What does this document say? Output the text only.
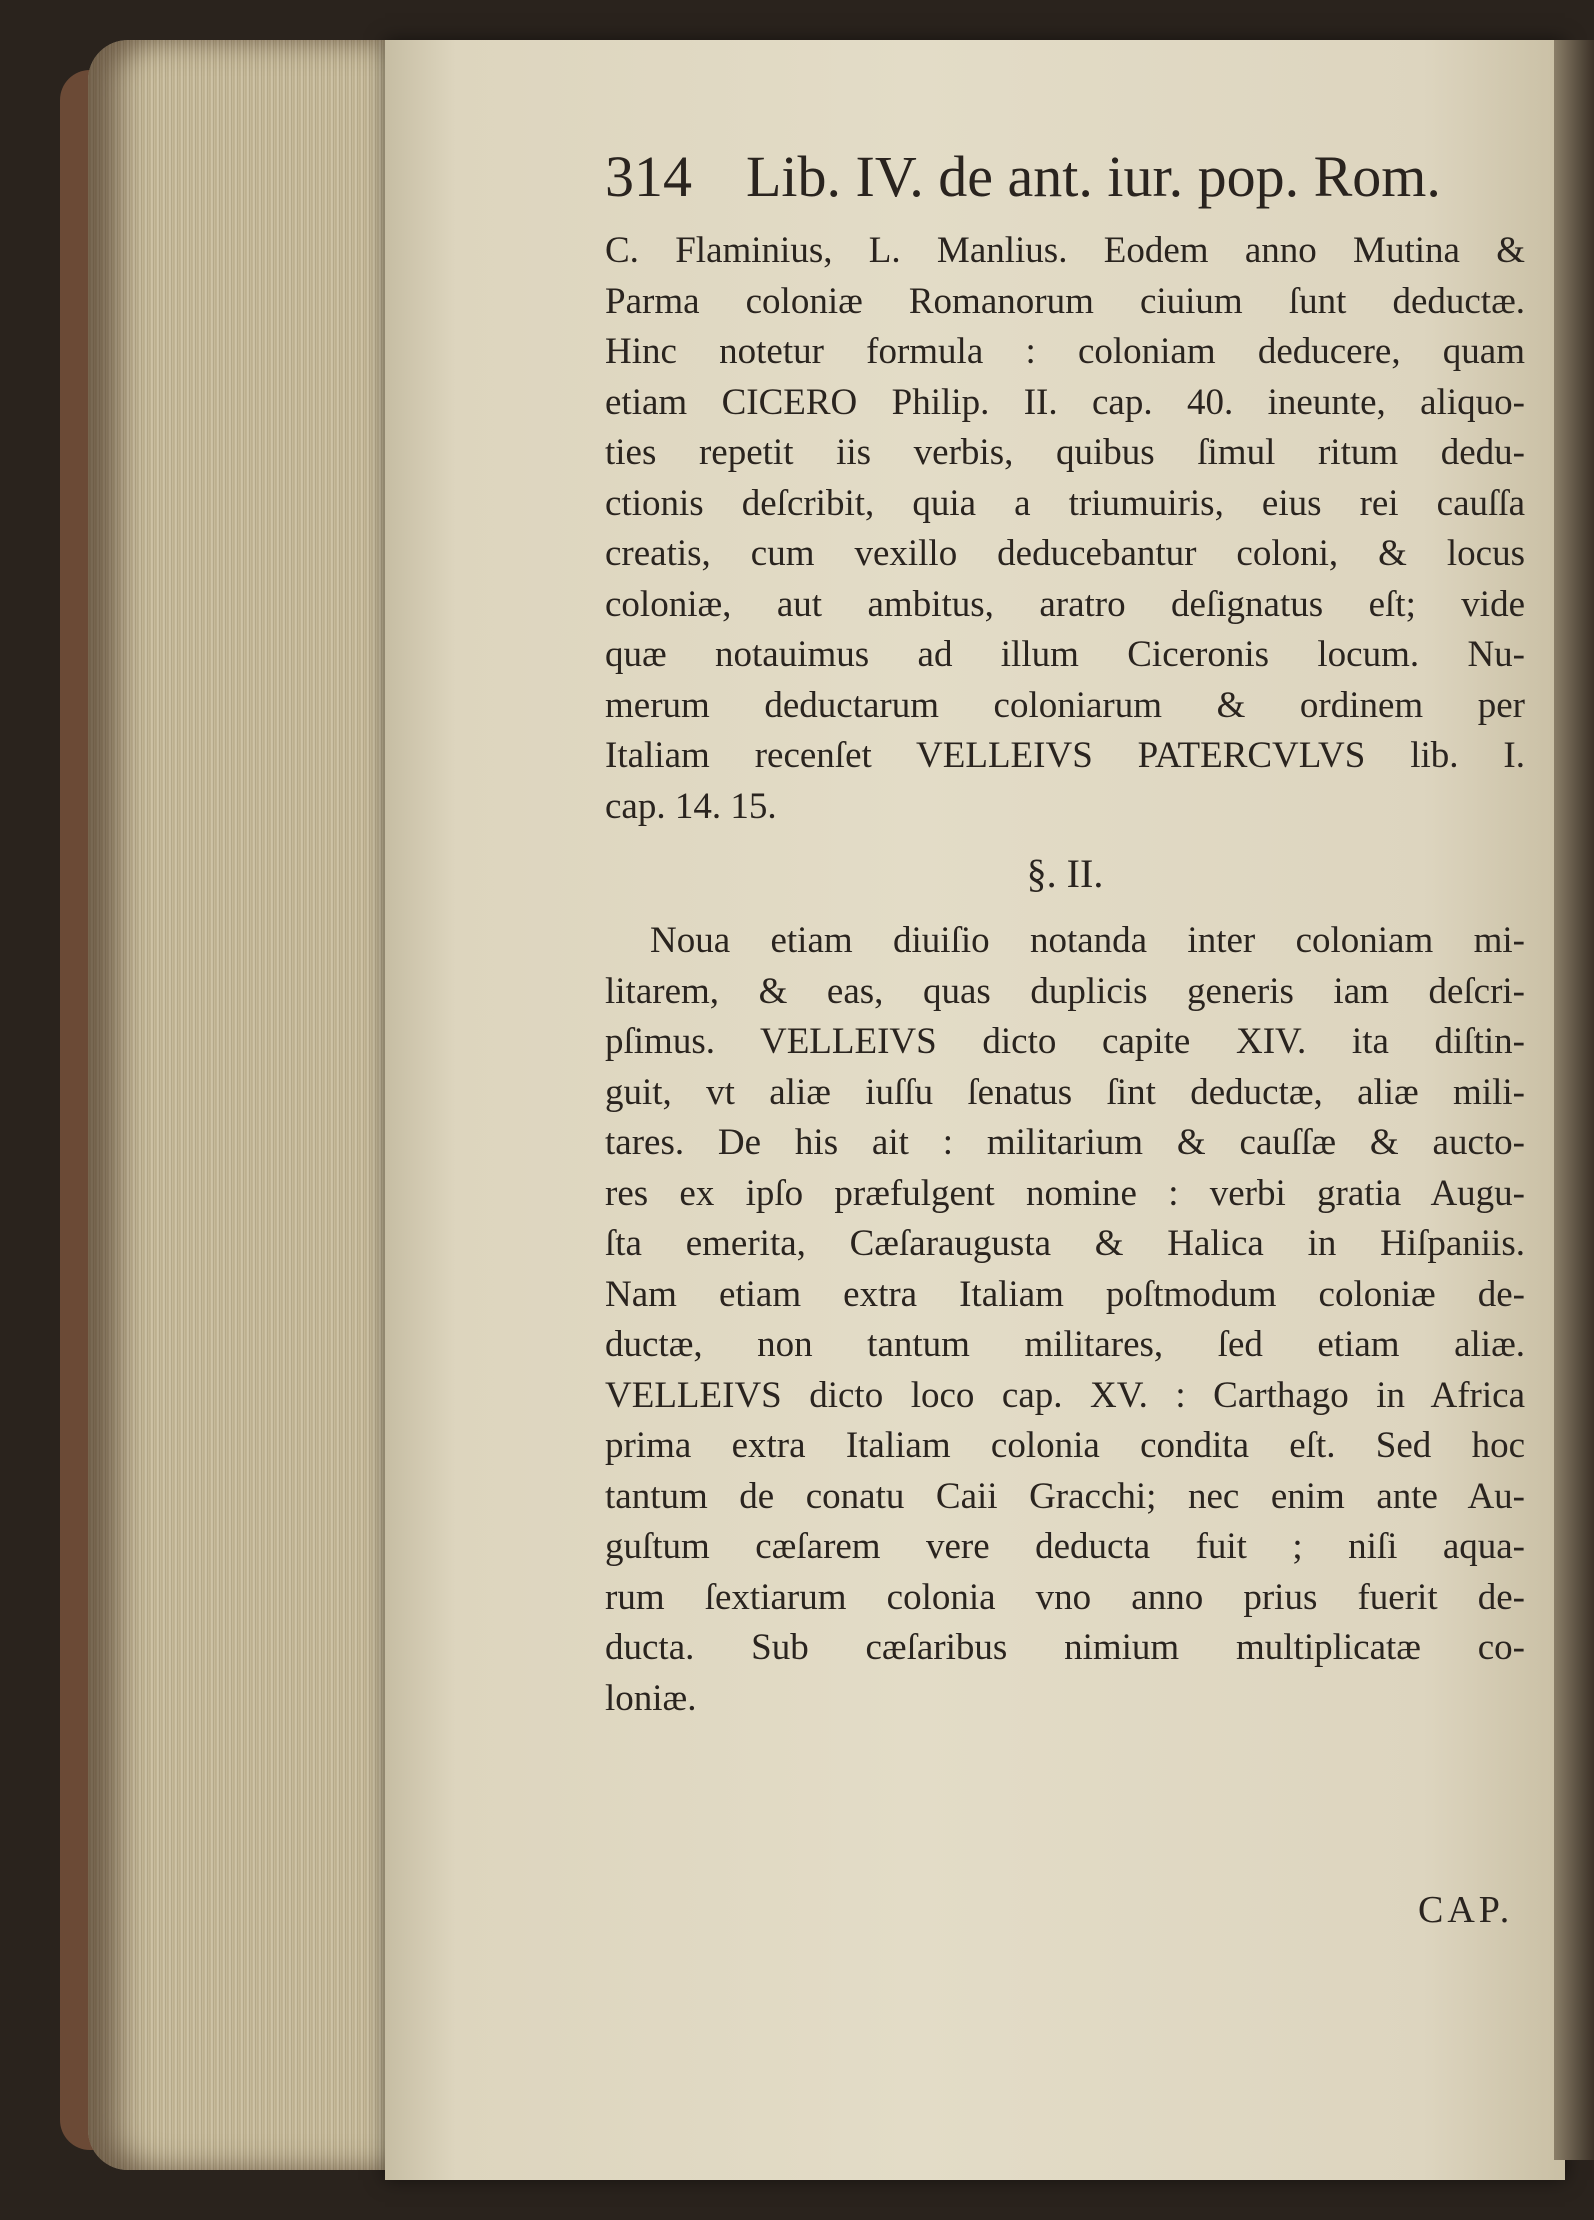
314 Lib. IV. de ant. iur. pop. Rom.

C. Flaminius, L. Manlius. Eodem anno Mutina &

Parma coloniæ Romanorum ciuium ſunt deductæ.

Hinc notetur formula : coloniam deducere, quam

etiam CICERO Philip. II. cap. 40. ineunte, aliquo-

ties repetit iis verbis, quibus ſimul ritum dedu-

ctionis deſcribit, quia a triumuiris, eius rei cauſſa

creatis, cum vexillo deducebantur coloni, & locus

coloniæ, aut ambitus, aratro deſignatus eſt; vide

quæ notauimus ad illum Ciceronis locum. Nu-

merum deductarum coloniarum & ordinem per

Italiam recenſet VELLEIVS PATERCVLVS lib. I.

cap. 14. 15.

§. II.

Noua etiam diuiſio notanda inter coloniam mi-

litarem, & eas, quas duplicis generis iam deſcri-

pſimus. VELLEIVS dicto capite XIV. ita diſtin-

guit, vt aliæ iuſſu ſenatus ſint deductæ, aliæ mili-

tares. De his ait : militarium & cauſſæ & aucto-

res ex ipſo præfulgent nomine : verbi gratia Augu-

ſta emerita, Cæſaraugusta & Halica in Hiſpaniis.

Nam etiam extra Italiam poſtmodum coloniæ de-

ductæ, non tantum militares, ſed etiam aliæ.

VELLEIVS dicto loco cap. XV. : Carthago in Africa

prima extra Italiam colonia condita eſt. Sed hoc

tantum de conatu Caii Gracchi; nec enim ante Au-

guſtum cæſarem vere deducta fuit ; niſi aqua-

rum ſextiarum colonia vno anno prius fuerit de-

ducta. Sub cæſaribus nimium multiplicatæ co-

loniæ.

CAP.
